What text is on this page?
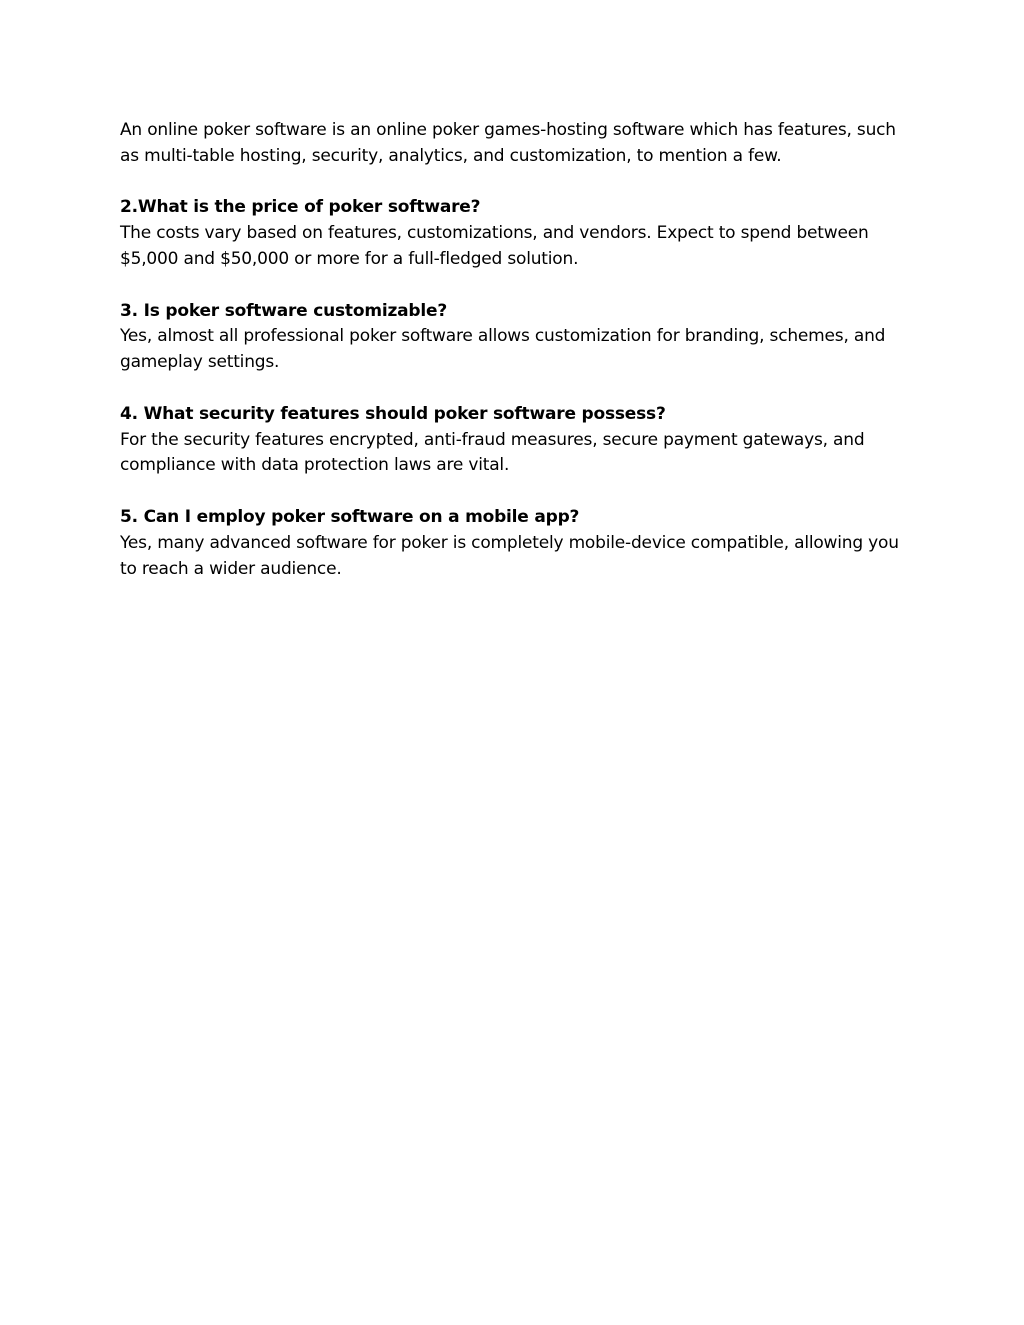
An online poker software is an online poker games-hosting software which has features, such as multi-table hosting, security, analytics, and customization, to mention a few.

2.What is the price of poker software?

The costs vary based on features, customizations, and vendors. Expect to spend between $5,000 and $50,000 or more for a full-fledged solution.

3. Is poker software customizable?

Yes, almost all professional poker software allows customization for branding, schemes, and gameplay settings.

4. What security features should poker software possess?

For the security features encrypted, anti-fraud measures, secure payment gateways, and compliance with data protection laws are vital.

5. Can I employ poker software on a mobile app?

Yes, many advanced software for poker is completely mobile-device compatible, allowing you to reach a wider audience.
